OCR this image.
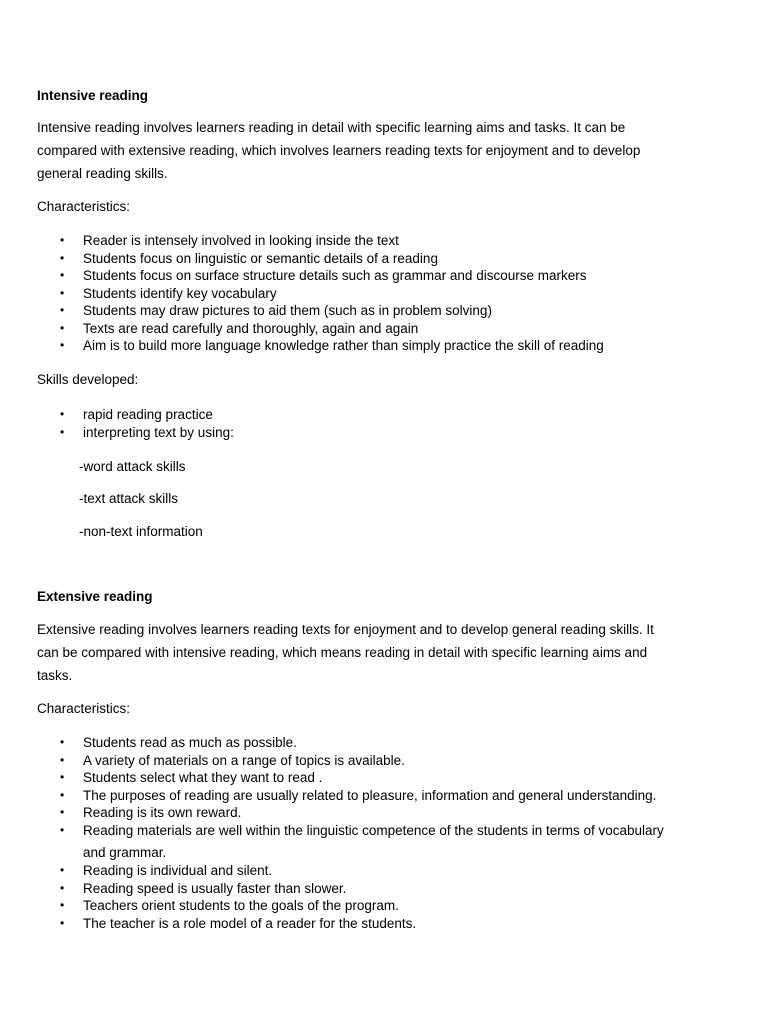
Intensive reading

Intensive reading involves learners reading in detail with specific learning aims and tasks. It can be

compared with extensive reading, which involves learners reading texts for enjoyment and to develop

general reading skills.

Characteristics:

• Reader is intensely involved in looking inside the text
• Students focus on linguistic or semantic details of a reading
• Students focus on surface structure details such as grammar and discourse markers
• Students identify key vocabulary
• Students may draw pictures to aid them (such as in problem solving)
• Texts are read carefully and thoroughly, again and again
• Aim is to build more language knowledge rather than simply practice the skill of reading

Skills developed:

• rapid reading practice
• interpreting text by using:

-word attack skills

-text attack skills

-non-text information

Extensive reading

Extensive reading involves learners reading texts for enjoyment and to develop general reading skills. It

can be compared with intensive reading, which means reading in detail with specific learning aims and

tasks.

Characteristics:

• Students read as much as possible.
• A variety of materials on a range of topics is available.
• Students select what they want to read .
• The purposes of reading are usually related to pleasure, information and general understanding.
• Reading is its own reward.
• Reading materials are well within the linguistic competence of the students in terms of vocabulary

and grammar.

• Reading is individual and silent.
• Reading speed is usually faster than slower.
• Teachers orient students to the goals of the program.
• The teacher is a role model of a reader for the students.
